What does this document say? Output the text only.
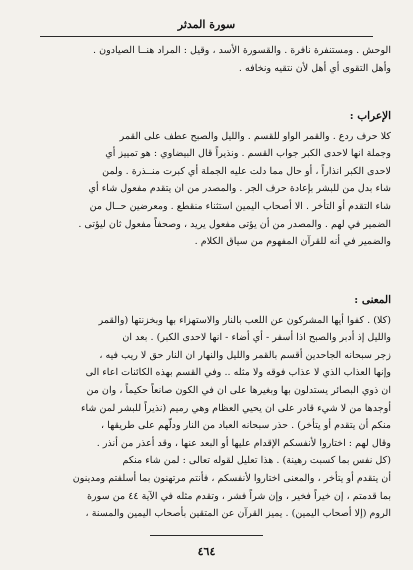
سورة المدثر

الوحش . ومستنفرة نافرة . والقسورة الأسد ، وقيل : المراد هنــا الصيادون .

وأهل التقوى أي أهل لأن نتقيه ونخافه .

الإعراب :

كلا حرف ردع . والقمر الواو للقسم . والليل والصبح عطف على القمر

وجملة انها لاحدى الكبر جواب القسم . ونذيراً قال البيضاوي : هو تمييز أي

لاحدى الكبر انذاراً ، أو حال مما دلت عليه الجملة أي كبرت منــذرة . ولمن

شاء بدل من للبشر بإعادة حرف الجر . والمصدر من ان يتقدم مفعول شاء أي

شاء التقدم أو التأخر . الا أصحاب اليمين استثناء منقطع . ومعرضين حــال من

الضمير في لهم . والمصدر من أن يؤتى مفعول يريد ، وصحفاً مفعول ثان ليؤتى .

والضمير في أنه للقرآن المفهوم من سياق الكلام .

المعنى :

(كلا) . كفوا أيها المشركون عن اللعب بالنار والاستهزاء بها وبخزنتها (والقمر

والليل إذ أدبر والصبح اذا أسفر - أي أضاء - انها لاحدى الكبر) . بعد ان

زجر سبحانه الجاحدين أقسم بالقمر والليل والنهار ان النار حق لا ريب فيه ،

وإنها العذاب الذي لا عذاب فوقه ولا مثله .. وفي القسم بهذه الكائنات اعاء الى

ان ذوي البصائر يستدلون بها وبغيرها على ان في الكون صانعاً حكيماً ، وان من

أوجدها من لا شيء قادر على ان يحيي العظام وهي رميم (نذيراً للبشر لمن شاء

منكم أن يتقدم أو يتأخر) . حذر سبحانه العباد من النار ودلّهم على طريقها ،

وقال لهم : اختاروا لأنفسكم الإقدام عليها أو البعد عنها ، وقد أعذر من أنذر .

(كل نفس بما كسبت رهينة) . هذا تعليل لقوله تعالى : لمن شاء منكم

أن يتقدم أو يتأخر ، والمعنى اختاروا لأنفسكم ، فأنتم مرتهنون بما أسلفتم ومدينون

بما قدمتم ، إن خيراً فخير ، وإن شراً فشر ، وتقدم مثله في الآية ٤٤ من سورة

الروم (إلا أصحاب اليمين) . يميز القرآن عن المتقين بأصحاب اليمين والمسنة ،

٤٦٤
